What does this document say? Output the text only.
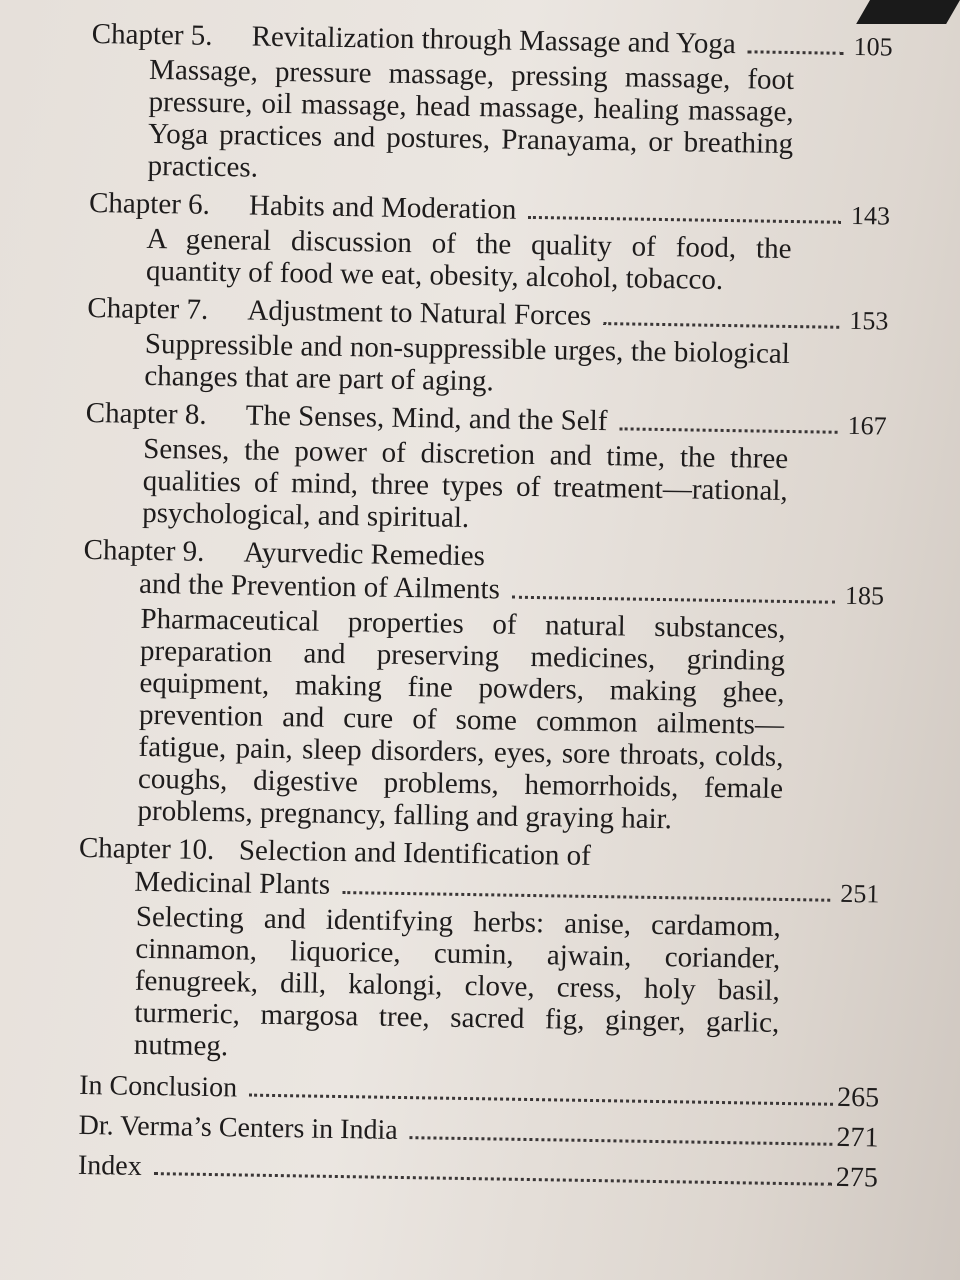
Chapter 5.	Revitalization through Massage and Yoga	105
Massage, pressure massage, pressing massage, foot pressure, oil massage, head massage, healing massage, Yoga practices and postures, Pranayama, or breathing practices.
Chapter 6.	Habits and Moderation	143
A general discussion of the quality of food, the quantity of food we eat, obesity, alcohol, tobacco.
Chapter 7.	Adjustment to Natural Forces	153
Suppressible and non-suppressible urges, the biological changes that are part of aging.
Chapter 8.	The Senses, Mind, and the Self	167
Senses, the power of discretion and time, the three qualities of mind, three types of treatment—rational, psychological, and spiritual.
Chapter 9.	Ayurvedic Remedies
and the Prevention of Ailments	185
Pharmaceutical properties of natural substances, preparation and preserving medicines, grinding equipment, making fine powders, making ghee, prevention and cure of some common ailments—fatigue, pain, sleep disorders, eyes, sore throats, colds, coughs, digestive problems, hemorrhoids, female problems, pregnancy, falling and graying hair.
Chapter 10. Selection and Identification of
Medicinal Plants	251
Selecting and identifying herbs: anise, cardamom, cinnamon, liquorice, cumin, ajwain, coriander, fenugreek, dill, kalongi, clove, cress, holy basil, turmeric, margosa tree, sacred fig, ginger, garlic, nutmeg.
In Conclusion	265
Dr. Verma’s Centers in India	271
Index	275
